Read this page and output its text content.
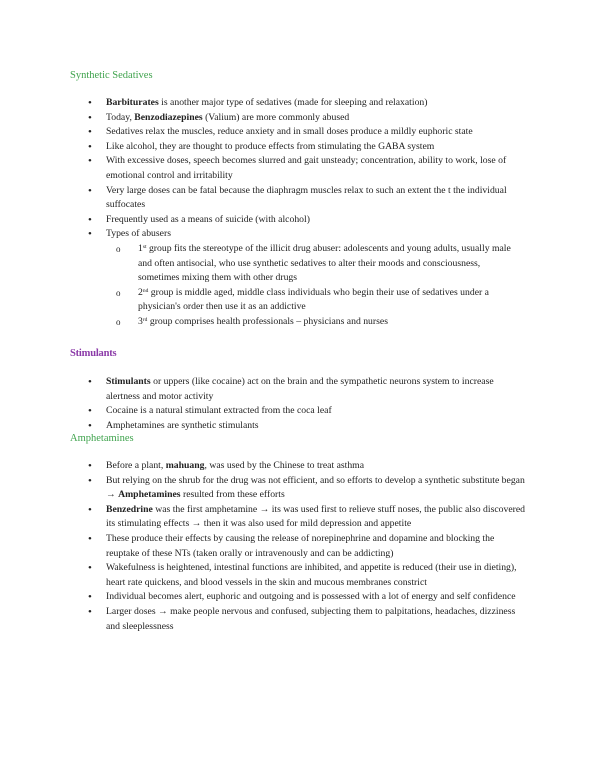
Synthetic Sedatives
• Barbiturates is another major type of sedatives (made for sleeping and relaxation)
• Today, Benzodiazepines (Valium) are more commonly abused
• Sedatives relax the muscles, reduce anxiety and in small doses produce a mildly euphoric state
• Like alcohol, they are thought to produce effects from stimulating the GABA system
• With excessive doses, speech becomes slurred and gait unsteady; concentration, ability to work, lose of emotional control and irritability
• Very large doses can be fatal because the diaphragm muscles relax to such an extent the t the individual suffocates
• Frequently used as a means of suicide (with alcohol)
• Types of abusers
o 1st group fits the stereotype of the illicit drug abuser: adolescents and young adults, usually male and often antisocial, who use synthetic sedatives to alter their moods and consciousness, sometimes mixing them with other drugs
o 2nd group is middle aged, middle class individuals who begin their use of sedatives under a physician's order then use it as an addictive
o 3rd group comprises health professionals – physicians and nurses
Stimulants
• Stimulants or uppers (like cocaine) act on the brain and the sympathetic neurons system to increase alertness and motor activity
• Cocaine is a natural stimulant extracted from the coca leaf
• Amphetamines are synthetic stimulants
Amphetamines
• Before a plant, mahuang, was used by the Chinese to treat asthma
• But relying on the shrub for the drug was not efficient, and so efforts to develop a synthetic substitute began → Amphetamines resulted from these efforts
• Benzedrine was the first amphetamine → its was used first to relieve stuff noses, the public also discovered its stimulating effects → then it was also used for mild depression and appetite
• These produce their effects by causing the release of norepinephrine and dopamine and blocking the reuptake of these NTs (taken orally or intravenously and can be addicting)
• Wakefulness is heightened, intestinal functions are inhibited, and appetite is reduced (their use in dieting), heart rate quickens, and blood vessels in the skin and mucous membranes constrict
• Individual becomes alert, euphoric and outgoing and is possessed with a lot of energy and self confidence
• Larger doses → make people nervous and confused, subjecting them to palpitations, headaches, dizziness and sleeplessness
